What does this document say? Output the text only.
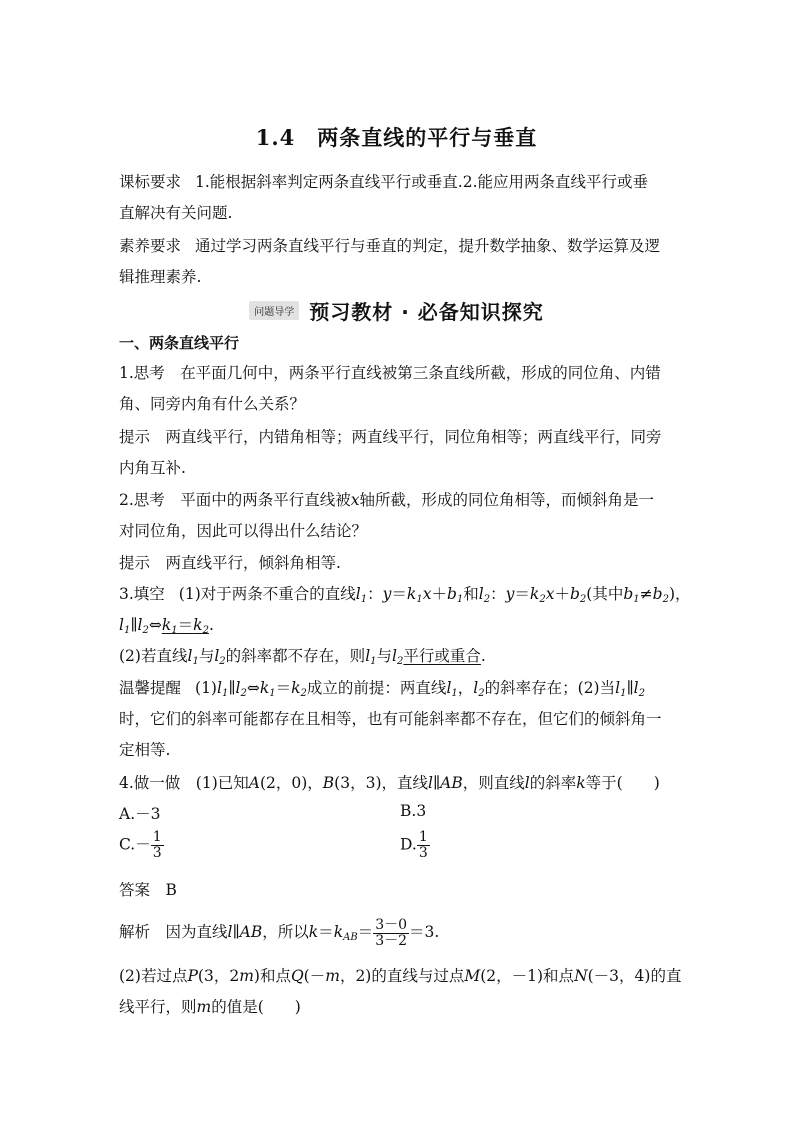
1.4 两条直线的平行与垂直
课标要求 1.能根据斜率判定两条直线平行或垂直.2.能应用两条直线平行或垂
直解决有关问题.
素养要求 通过学习两条直线平行与垂直的判定，提升数学抽象、数学运算及逻
辑推理素养.
问题导学 预习教材 · 必备知识探究
一、两条直线平行
1.思考　在平面几何中，两条平行直线被第三条直线所截，形成的同位角、内错
角、同旁内角有什么关系？
提示　两直线平行，内错角相等；两直线平行，同位角相等；两直线平行，同旁
内角互补.
2.思考　平面中的两条平行直线被x轴所截，形成的同位角相等，而倾斜角是一
对同位角，因此可以得出什么结论？
提示　两直线平行，倾斜角相等.
3.填空 (1)对于两条不重合的直线$l_1$：$y=k_1x+b_1$和$l_2$：$y=k_2x+b_2$(其中$b_1\ne b_2$)，
$l_1\parallel l_2\Leftrightarrow k_1=k_2$.
(2)若直线$l_1$与$l_2$的斜率都不存在，则$l_1$与$l_2$平行或重合.
温馨提醒 $(1)l_1\parallel l_2\Leftrightarrow k_1=k_2$成立的前提：两直线$l_1$，$l_2$的斜率存在；(2)当$l_1\parallel l_2$
时，它们的斜率可能都存在且相等，也有可能斜率都不存在，但它们的倾斜角一
定相等.
4.做一做　(1)已知A(2，0)，B(3，3)，直线l∥AB，则直线l的斜率k等于(　　)
A.－3	B.3
$C.- \frac{1}{3}$	D. $\frac{1}{3}$
答案　B
解析　因为直线l∥AB，所以$k=k_{AB}= \frac{3-0}{3-2} =3$.
(2)若过点P(3，2m)和点Q(－m，2)的直线与过点M(2，－1)和点N(－3，4)的直
线平行，则m的值是(　　)
